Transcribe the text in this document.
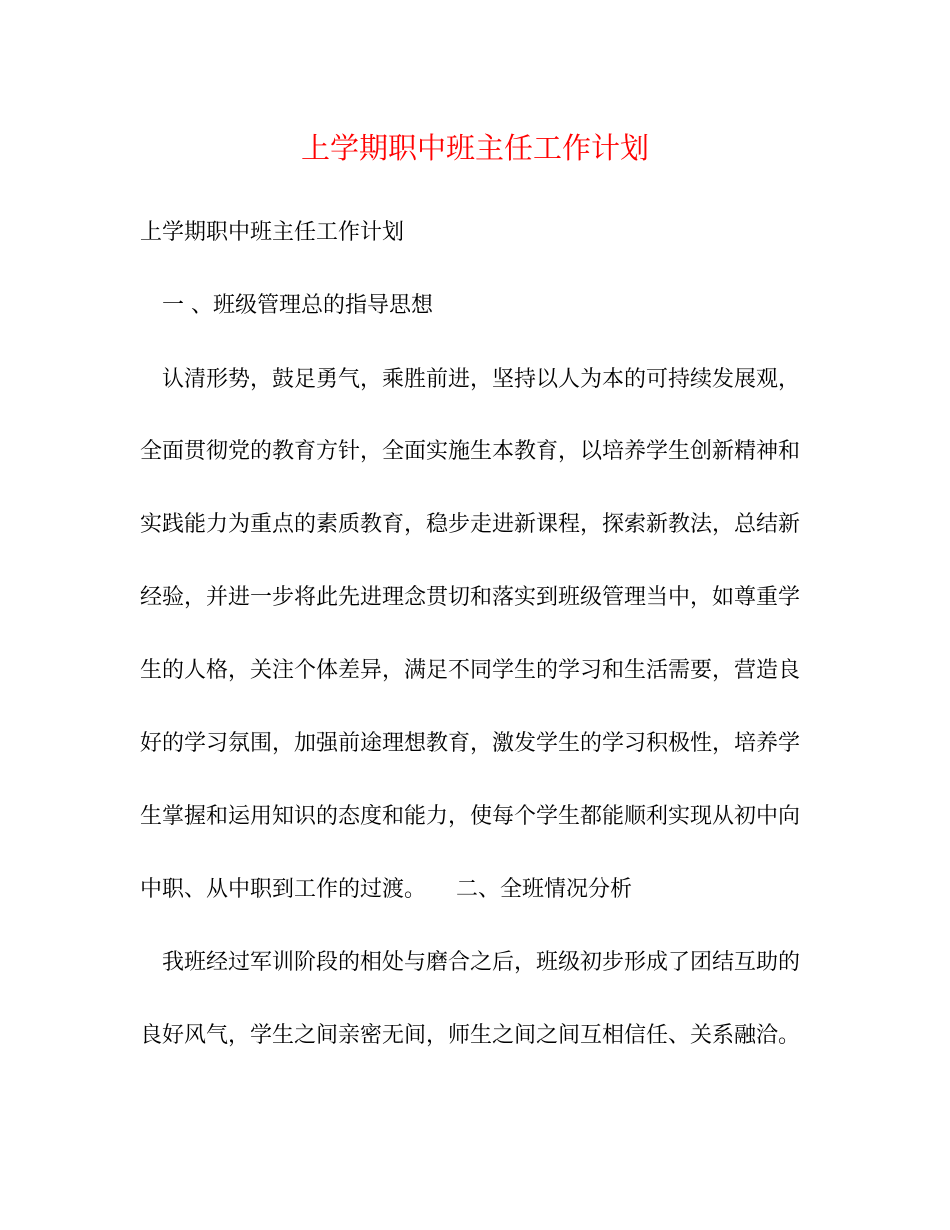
上学期职中班主任工作计划
上学期职中班主任工作计划
一 、班级管理总的指导思想
认清形势，鼓足勇气，乘胜前进，坚持以人为本的可持续发展观，
全面贯彻党的教育方针，全面实施生本教育，以培养学生创新精神和
实践能力为重点的素质教育，稳步走进新课程，探索新教法，总结新
经验，并进一步将此先进理念贯切和落实到班级管理当中，如尊重学
生的人格，关注个体差异，满足不同学生的学习和生活需要，营造良
好的学习氛围，加强前途理想教育，激发学生的学习积极性，培养学
生掌握和运用知识的态度和能力，使每个学生都能顺利实现从初中向
中职、从中职到工作的过渡。 二、全班情况分析
我班经过军训阶段的相处与磨合之后，班级初步形成了团结互助的
良好风气，学生之间亲密无间，师生之间之间互相信任、关系融洽。
